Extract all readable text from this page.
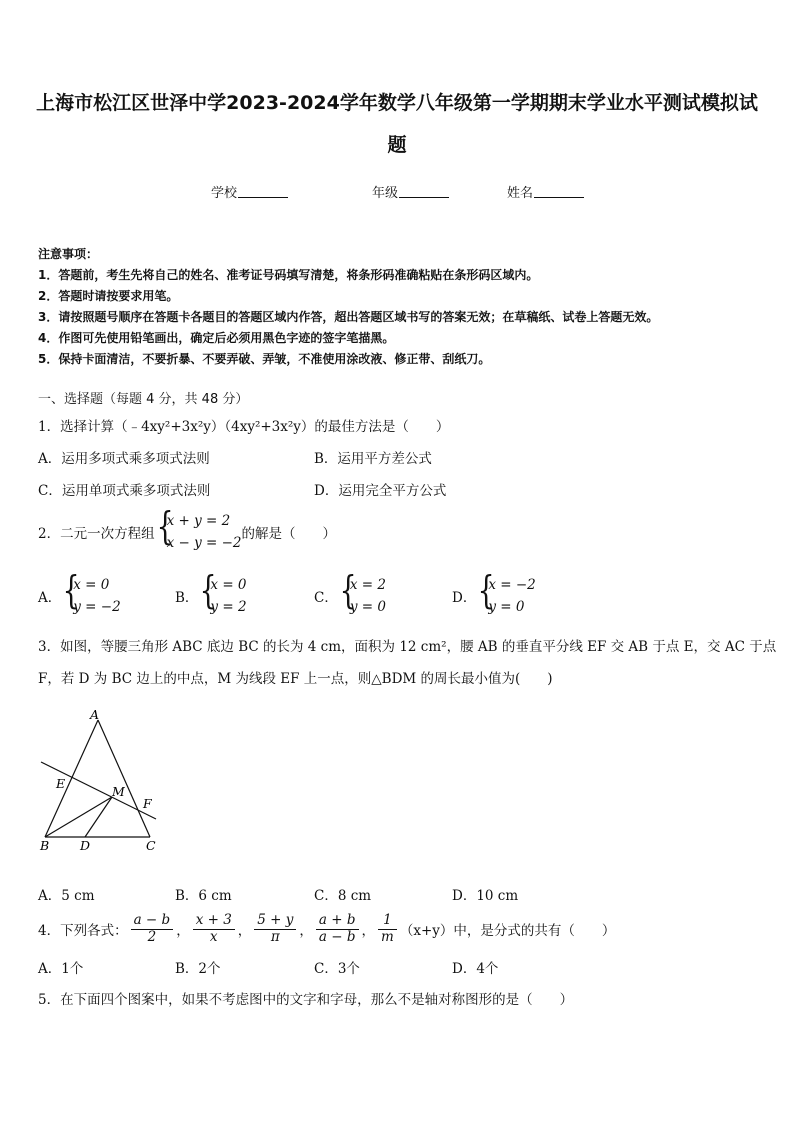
上海市松江区世泽中学2023-2024学年数学八年级第一学期期末学业水平测试模拟试
题
学校	年级	姓名
注意事项：
1．答题前，考生先将自己的姓名、准考证号码填写清楚，将条形码准确粘贴在条形码区域内。
2．答题时请按要求用笔。
3．请按照题号顺序在答题卡各题目的答题区域内作答，超出答题区域书写的答案无效；在草稿纸、试卷上答题无效。
4．作图可先使用铅笔画出，确定后必须用黑色字迹的签字笔描黑。
5．保持卡面清洁，不要折暴、不要弄破、弄皱，不准使用涂改液、修正带、刮纸刀。
一、选择题（每题 4 分，共 48 分）
1．选择计算（﹣4xy²+3x²y）（4xy²+3x²y）的最佳方法是（　　）
A．运用多项式乘多项式法则	B．运用平方差公式
C．运用单项式乘多项式法则	D．运用完全平方公式
2．二元一次方程组 {
x + y = 2
x − y = −2
的解是（　　）
A． {
x = 0
y = −2
B． {
x = 0
y = 2
C． {
x = 2
y = 0
D． {
x = −2
y = 0
3．如图，等腰三角形 ABC 底边 BC 的长为 4 cm，面积为 12 cm²，腰 AB 的垂直平分线 EF 交 AB 于点 E，交 AC 于点
F，若 D 为 BC 边上的中点，M 为线段 EF 上一点，则△BDM 的周长最小值为(　　)
A
E
M
F
B D	C
A．5 cm	B．6 cm	C．8 cm	D．10 cm
4．下列各式： $\frac{a - b}{2}$ ， $\frac{x + 3}{x}$ ， $\frac{5 + y}{\pi}$ ， $\frac{a + b}{a - b}$ ， $\frac{1}{m} (x+y)$中，是分式的共有（　　）
A．1个	B．2个	C．3个	D．4个
5．在下面四个图案中，如果不考虑图中的文字和字母，那么不是轴对称图形的是（　　）
